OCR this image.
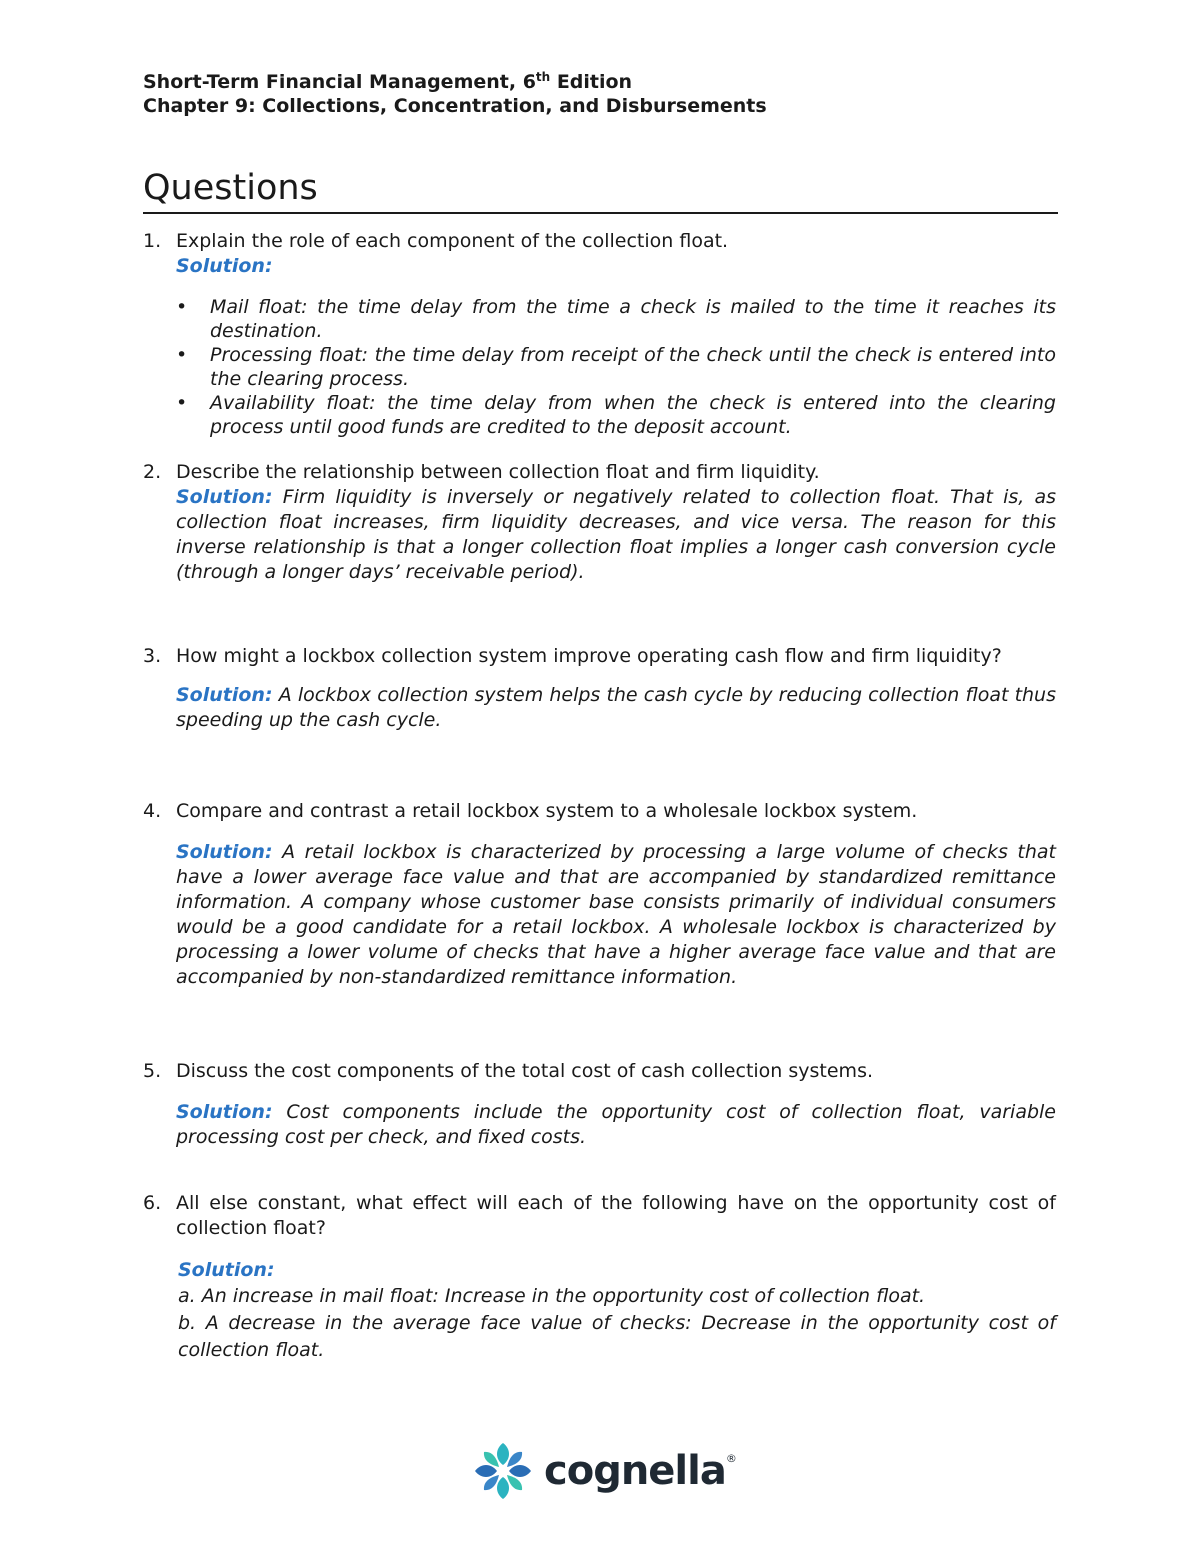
Short-Term Financial Management, 6th Edition
Chapter 9: Collections, Concentration, and Disbursements
Questions
1. Explain the role of each component of the collection float.
Solution:
• Mail float: the time delay from the time a check is mailed to the time it reaches its destination.
• Processing float: the time delay from receipt of the check until the check is entered into the clearing process.
• Availability float: the time delay from when the check is entered into the clearing process until good funds are credited to the deposit account.
2. Describe the relationship between collection float and firm liquidity.
Solution: Firm liquidity is inversely or negatively related to collection float. That is, as collection float increases, firm liquidity decreases, and vice versa. The reason for this inverse relationship is that a longer collection float implies a longer cash conversion cycle (through a longer days’ receivable period).
3. How might a lockbox collection system improve operating cash flow and firm liquidity?
Solution: A lockbox collection system helps the cash cycle by reducing collection float thus speeding up the cash cycle.
4. Compare and contrast a retail lockbox system to a wholesale lockbox system.
Solution: A retail lockbox is characterized by processing a large volume of checks that have a lower average face value and that are accompanied by standardized remittance information. A company whose customer base consists primarily of individual consumers would be a good candidate for a retail lockbox. A wholesale lockbox is characterized by processing a lower volume of checks that have a higher average face value and that are accompanied by non-standardized remittance information.
5. Discuss the cost components of the total cost of cash collection systems.
Solution: Cost components include the opportunity cost of collection float, variable processing cost per check, and fixed costs.
6. All else constant, what effect will each of the following have on the opportunity cost of collection float?
Solution:
a. An increase in mail float: Increase in the opportunity cost of collection float.
b. A decrease in the average face value of checks: Decrease in the opportunity cost of collection float.
cognella®
